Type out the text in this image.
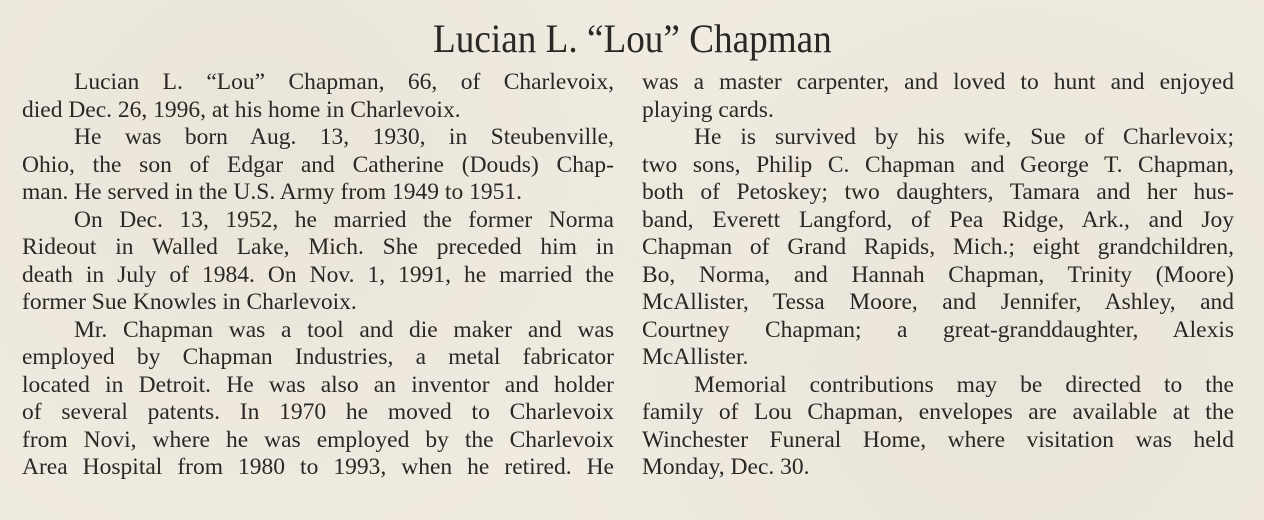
Lucian L. “Lou” Chapman
Lucian L. “Lou” Chapman, 66, of Charlevoix,
died Dec. 26, 1996, at his home in Charlevoix.
He was born Aug. 13, 1930, in Steubenville,
Ohio, the son of Edgar and Catherine (Douds) Chap-
man. He served in the U.S. Army from 1949 to 1951.
On Dec. 13, 1952, he married the former Norma
Rideout in Walled Lake, Mich. She preceded him in
death in July of 1984. On Nov. 1, 1991, he married the
former Sue Knowles in Charlevoix.
Mr. Chapman was a tool and die maker and was
employed by Chapman Industries, a metal fabricator
located in Detroit. He was also an inventor and holder
of several patents. In 1970 he moved to Charlevoix
from Novi, where he was employed by the Charlevoix
Area Hospital from 1980 to 1993, when he retired. He
was a master carpenter, and loved to hunt and enjoyed
playing cards.
He is survived by his wife, Sue of Charlevoix;
two sons, Philip C. Chapman and George T. Chapman,
both of Petoskey; two daughters, Tamara and her hus-
band, Everett Langford, of Pea Ridge, Ark., and Joy
Chapman of Grand Rapids, Mich.; eight grandchildren,
Bo, Norma, and Hannah Chapman, Trinity (Moore)
McAllister, Tessa Moore, and Jennifer, Ashley, and
Courtney Chapman; a great-granddaughter, Alexis
McAllister.
Memorial contributions may be directed to the
family of Lou Chapman, envelopes are available at the
Winchester Funeral Home, where visitation was held
Monday, Dec. 30.
